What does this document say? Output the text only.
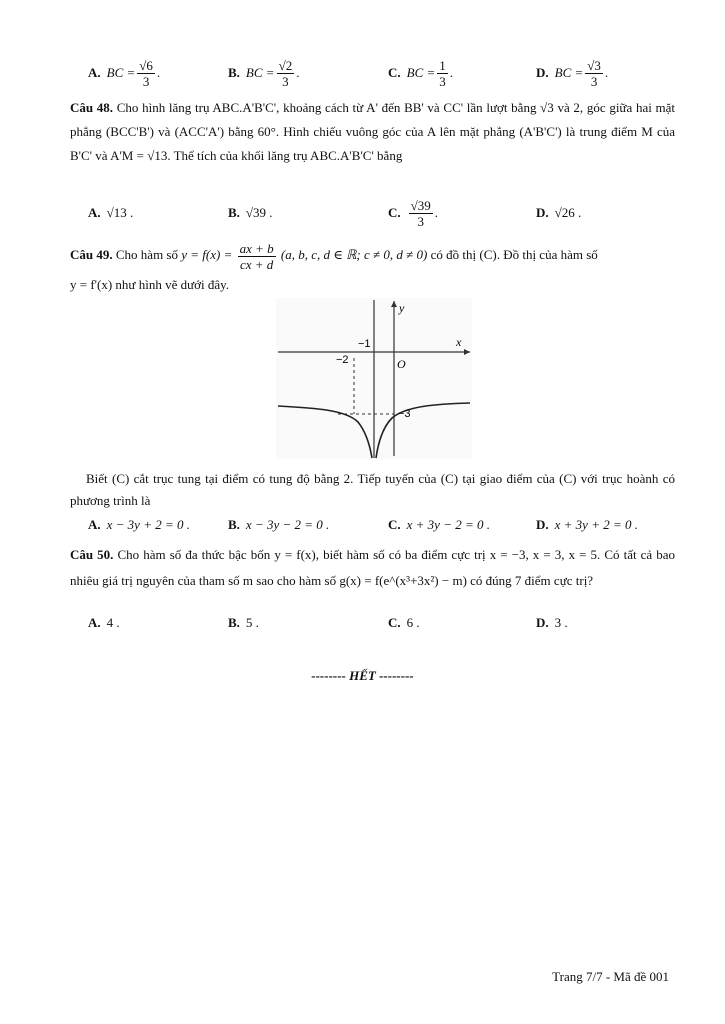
A. BC = $\frac{√6}{3}$ .	B. BC = $\frac{√2}{3}$ .	C. BC = $\frac{1}{3}$ .	D. BC = $\frac{√3}{3}$ .
Câu 48. Cho hình lăng trụ ABC.A'B'C', khoảng cách từ A' đến BB' và CC' lần lượt bằng √3 và 2, góc giữa hai mặt phẳng (BCC'B') và (ACC'A') bằng 60°. Hình chiếu vuông góc của A lên mặt phẳng (A'B'C') là trung điểm M của B'C' và A'M = √13. Thể tích của khối lăng trụ ABC.A'B'C' bằng
A. √13 .	B. √39 .	C. $\frac{√39}{3}$ .	D. √26 .
Câu 49. Cho hàm số $y = f(x) = \frac{ax + b}{cx + d} (a$, b, c, d ∈ ℝ; c ≠ 0, d ≠ 0) có đồ thị (C). Đồ thị của hàm số
y = f'(x) như hình vẽ dưới đây.
y
x
O
−1
−2
−3
Biết (C) cắt trục tung tại điểm có tung độ bằng 2. Tiếp tuyến của (C) tại giao điểm của (C) với trục hoành có phương trình là
A. x − 3y + 2 = 0 .	B. x − 3y − 2 = 0 .	C. x + 3y − 2 = 0 .	D. x + 3y + 2 = 0 .
Câu 50. Cho hàm số đa thức bậc bốn y = f(x), biết hàm số có ba điểm cực trị x = −3, x = 3, x = 5. Có tất cả bao nhiêu giá trị nguyên của tham số m sao cho hàm số g(x) = f(e^(x³+3x²) − m) có đúng 7 điểm cực trị?
A. 4 .	B. 5 .	C. 6 .	D. 3 .
-------- HẾT --------
Trang 7/7 - Mã đề 001
